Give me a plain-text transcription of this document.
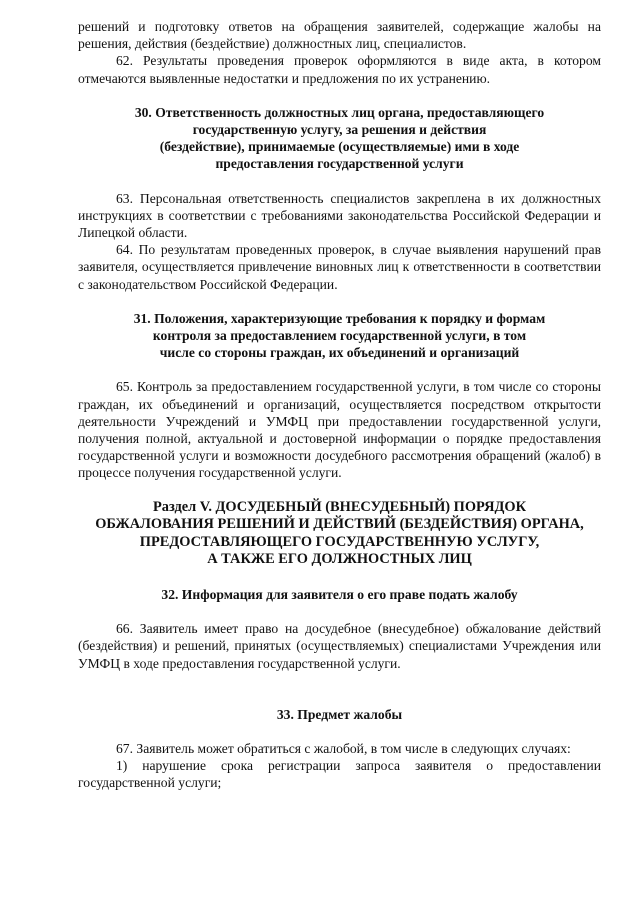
решений и подготовку ответов на обращения заявителей, содержащие жалобы на решения, действия (бездействие) должностных лиц, специалистов.

62. Результаты проведения проверок оформляются в виде акта, в котором отмечаются выявленные недостатки и предложения по их устранению.

30. Ответственность должностных лиц органа, предоставляющего
государственную услугу, за решения и действия
(бездействие), принимаемые (осуществляемые) ими в ходе
предоставления государственной услуги

63. Персональная ответственность специалистов закреплена в их должностных инструкциях в соответствии с требованиями законодательства Российской Федерации и Липецкой области.

64. По результатам проведенных проверок, в случае выявления нарушений прав заявителя, осуществляется привлечение виновных лиц к ответственности в соответствии с законодательством Российской Федерации.

31. Положения, характеризующие требования к порядку и формам
контроля за предоставлением государственной услуги, в том
числе со стороны граждан, их объединений и организаций

65. Контроль за предоставлением государственной услуги, в том числе со стороны граждан, их объединений и организаций, осуществляется посредством открытости деятельности Учреждений и УМФЦ при предоставлении государственной услуги, получения полной, актуальной и достоверной информации о порядке предоставления государственной услуги и возможности досудебного рассмотрения обращений (жалоб) в процессе получения государственной услуги.

Раздел V. ДОСУДЕБНЫЙ (ВНЕСУДЕБНЫЙ) ПОРЯДОК
ОБЖАЛОВАНИЯ РЕШЕНИЙ И ДЕЙСТВИЙ (БЕЗДЕЙСТВИЯ) ОРГАНА,
ПРЕДОСТАВЛЯЮЩЕГО ГОСУДАРСТВЕННУЮ УСЛУГУ,
А ТАКЖЕ ЕГО ДОЛЖНОСТНЫХ ЛИЦ
32. Информация для заявителя о его праве подать жалобу

66. Заявитель имеет право на досудебное (внесудебное) обжалование действий (бездействия) и решений, принятых (осуществляемых) специалистами Учреждения или УМФЦ в ходе предоставления государственной услуги.

33. Предмет жалобы

67. Заявитель может обратиться с жалобой, в том числе в следующих случаях:

1) нарушение срока регистрации запроса заявителя о предоставлении государственной услуги;
